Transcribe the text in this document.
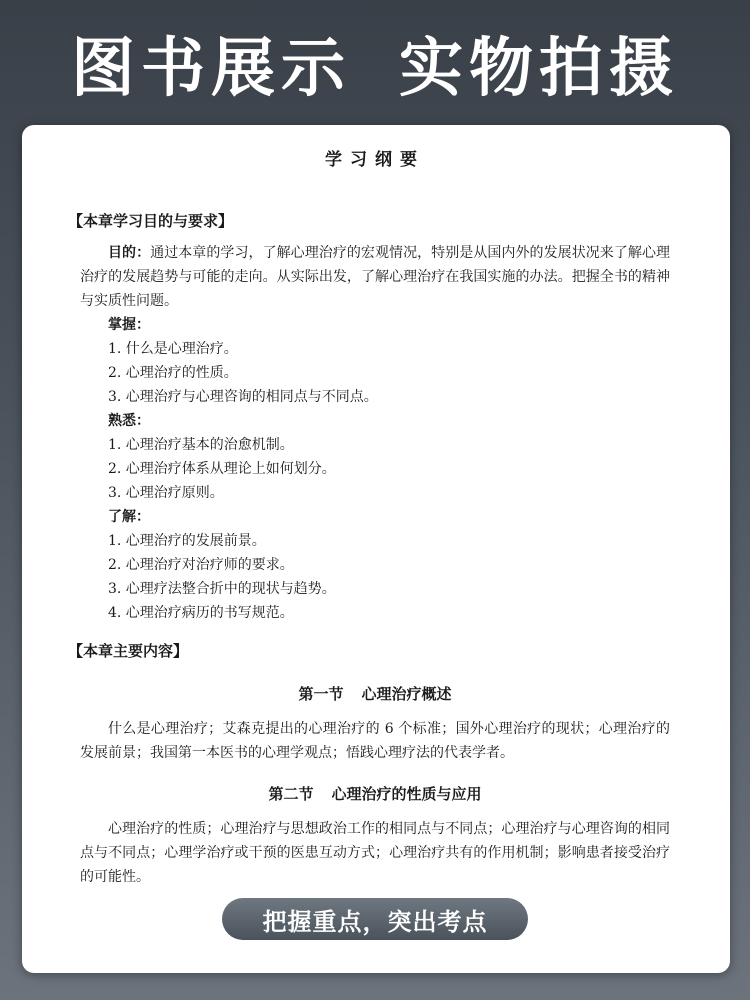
图书展示 实物拍摄
学习纲要
【本章学习目的与要求】

目的：通过本章的学习，了解心理治疗的宏观情况，特别是从国内外的发展状况来了解心理治疗的发展趋势与可能的走向。从实际出发，了解心理治疗在我国实施的办法。把握全书的精神与实质性问题。

掌握：
1. 什么是心理治疗。
2. 心理治疗的性质。
3. 心理治疗与心理咨询的相同点与不同点。
熟悉：
1. 心理治疗基本的治愈机制。
2. 心理治疗体系从理论上如何划分。
3. 心理治疗原则。
了解：
1. 心理治疗的发展前景。
2. 心理治疗对治疗师的要求。
3. 心理疗法整合折中的现状与趋势。
4. 心理治疗病历的书写规范。
【本章主要内容】
第一节 心理治疗概述

什么是心理治疗；艾森克提出的心理治疗的 6 个标准；国外心理治疗的现状；心理治疗的发展前景；我国第一本医书的心理学观点；悟践心理疗法的代表学者。

第二节 心理治疗的性质与应用

心理治疗的性质；心理治疗与思想政治工作的相同点与不同点；心理治疗与心理咨询的相同点与不同点；心理学治疗或干预的医患互动方式；心理治疗共有的作用机制；影响患者接受治疗的可能性。

把握重点，突出考点
